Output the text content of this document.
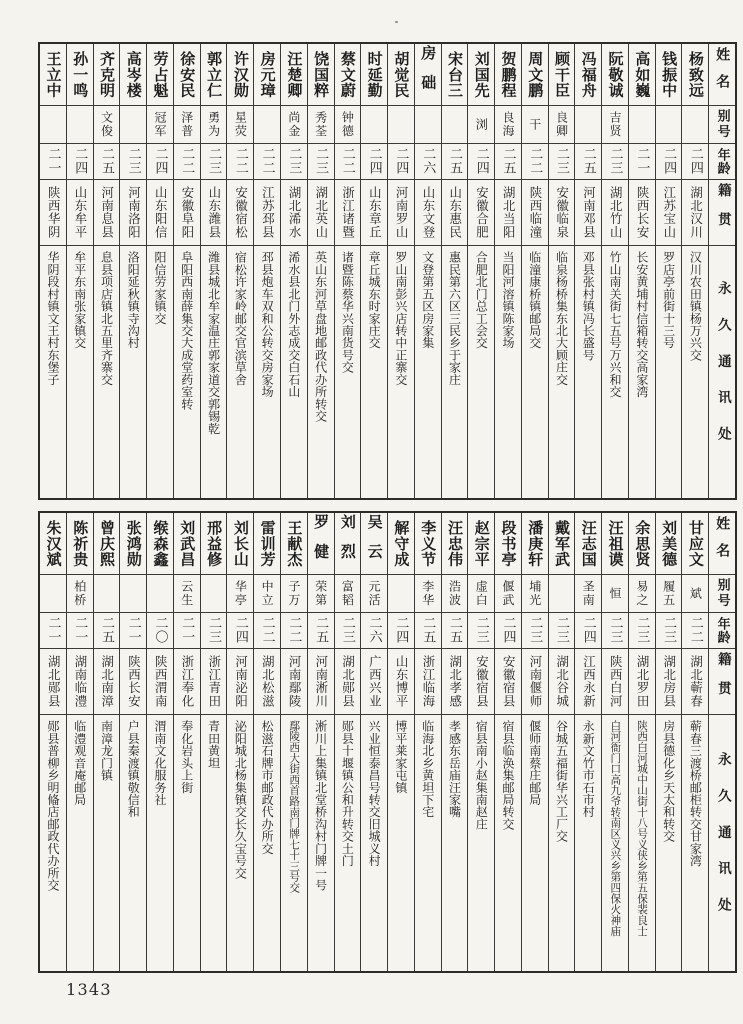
姓名
别号
年龄
籍贯
永久通讯处
杨致远
二四
湖北汉川
汉川农田镇杨万兴交
钱振中
二四
江苏宝山
罗店亭前街十三号
高如巍
二一
陕西长安
长安黄埔村信箱转交高家湾
阮敬诚
吉贤
二三
湖北竹山
竹山南关街七五号万兴和交
冯福舟
二五
河南邓县
邓县张村镇冯长盛号
顾干臣
良卿
二三
安徽临泉
临泉杨桥集东北大顾庄交
周文鹏
干
二二
陕西临潼
临潼康桥镇邮局交
贺鹏程
良海
二五
湖北当阳
当阳河溶镇陈家场
刘国先
浏
二四
安徽合肥
合肥北门总工会交
宋台三
二五
山东惠民
惠民第六区三民乡于家庄
房础
二六
山东文登
文登第五区房家集
胡觉民
二四
河南罗山
罗山南彭兴店转中正寨交
时延勤
二四
山东章丘
章丘城东时家庄交
蔡文蔚
钟德
二二
浙江诸暨
诸暨陈蔡华兴南货号交
饶国粹
秀荃
二三
湖北英山
英山东河草盘地邮政代办所转交
汪楚卿
尚金
二三
湖北浠水
浠水县北门外志成交白石山
房元璋
二二
江苏邳县
邳县炮车双和公转交房家场
许汉勋
星荧
二二
安徽宿松
宿松许家岭邮交官滨草舍
郭立仁
勇为
二三
山东潍县
潍县城北牟家温庄郭家道交郭锡乾
徐安民
泽普
二二
安徽阜阳
阜阳西南薛集交大成堂药室转
劳占魁
冠军
二四
山东阳信
阳信劳家镇交
高岑楼
二三
河南洛阳
洛阳延秋镇寺沟村
齐克明
文俊
二五
河南息县
息县项店镇北五里齐寨交
孙一鸣
二四
山东牟平
牟平东南张家镇交
王立中
二一
陕西华阴
华阴段村镇文王村东堡子
姓名
别号
年龄
籍贯
永久通讯处
甘应文
斌
二二
湖北蕲春
蕲春三渡桥邮柜转交甘家湾
刘美德
履五
二三
湖北房县
房县德化乡天太和转交
余思贤
易之
二三
湖北罗田
陕西白河城中山街十八号义侠乡第五保裴良士
汪祖谟
恒
二三
陕西白河
白河衙门口高九爷转南区义兴乡第四保火神庙
汪志国
圣南
二四
江西永新
永新文竹市石市村
戴军武
二三
湖北谷城
谷城五福街华兴工厂交
潘庚轩
埔光
二三
河南偃师
偃师南蔡庄邮局
段书亭
偃武
二四
安徽宿县
宿县临涣集邮局转交
赵宗平
虚白
二三
安徽宿县
宿县南小赵集南赵庄
汪忠伟
浩波
二五
湖北孝感
孝感东岳庙汪家嘴
李义节
李华
二五
浙江临海
临海北乡黄坦下宅
解守成
二四
山东博平
博平莱家屯镇
吴云
元活
二六
广西兴业
兴业恒泰昌号转交旧城义村
刘烈
富韬
二三
湖北郧县
郧县十堰镇公和升转交土门
罗健
荣第
二五
河南淅川
淅川上集镇北堂桥沟村门牌一号
王献杰
子万
二二
河南鄢陵
鄢陵西大街西首路南门牌七十三号交
雷训芳
中立
二二
湖北松滋
松滋石牌市邮政代办所交
刘长山
华亭
二四
河南泌阳
泌阳城北杨集镇交长久宝号交
邢益修
二三
浙江青田
青田黄坦
刘武昌
云生
二一
浙江奉化
奉化岩头上街
缑森鑫
二〇
陕西渭南
渭南文化服务社
张鸿勋
二一
陕西长安
户县秦渡镇敬信和
曾庆熙
二五
湖北南漳
南漳龙门镇
陈祈贵
柏桥
二一
湖南临澧
临澧观音庵邮局
朱汉斌
二一
湖北郧县
郧县普柳乡明偹店邮政代办所交
1343
